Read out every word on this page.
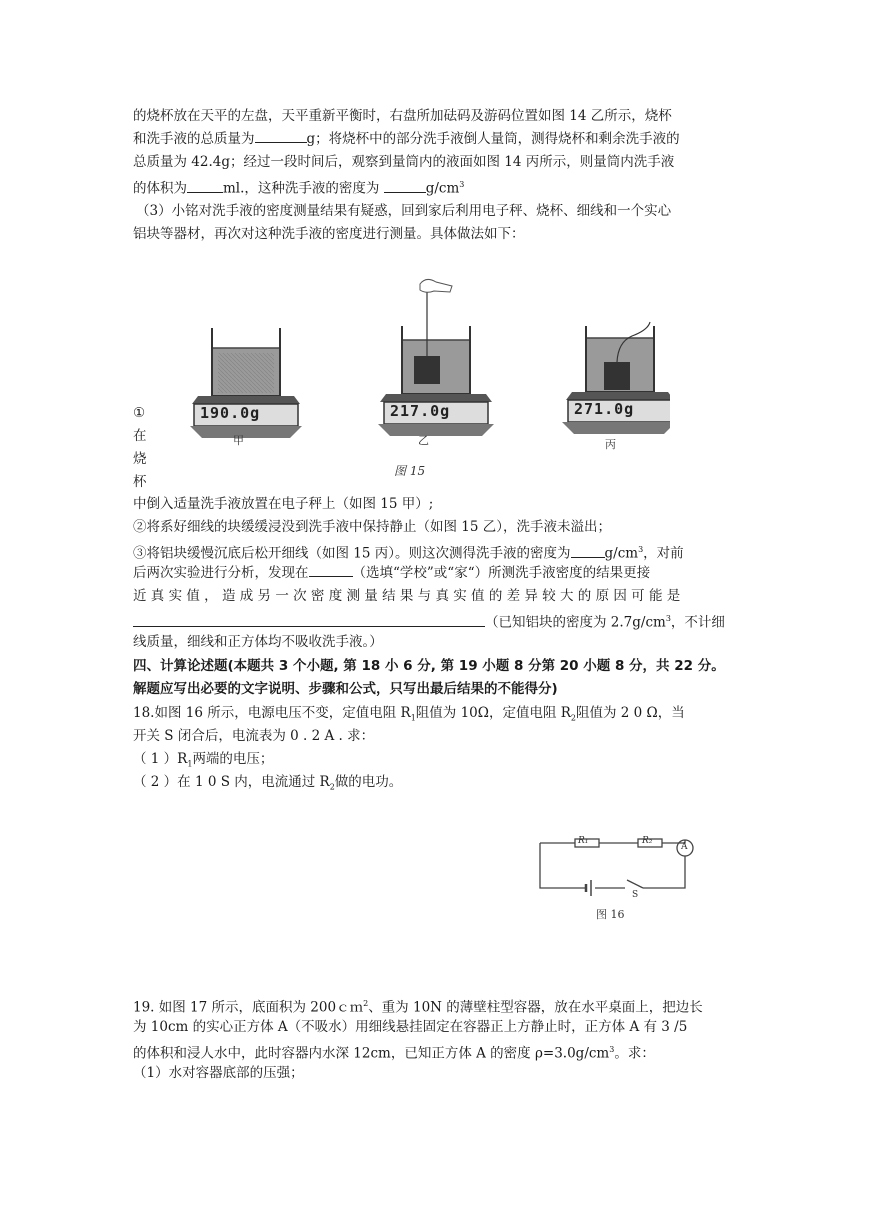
的烧杯放在天平的左盘，天平重新平衡时，右盘所加砝码及游码位置如图 14 乙所示，烧杯
和洗手液的总质量为	g；将烧杯中的部分洗手液倒人量筒，测得烧杯和剩余洗手液的
总质量为 42.4g；经过一段时间后，观察到量筒内的液面如图 14 丙所示，则量筒内洗手液
的体积为	ml.，这种洗手液的密度为	$g/cm^3$
（3）小铭对洗手液的密度测量结果有疑惑，回到家后利用电子秤、烧杯、细线和一个实心
铝块等器材，再次对这种洗手液的密度进行测量。具体做法如下：
190.0g	217.0g	271.0g
甲	乙	丙
图 15
①
在
烧
杯
中倒入适量洗手液放置在电子秤上（如图 15 甲）;
②将系好细线的块缓缓浸没到洗手液中保持静止（如图 15 乙），洗手液未溢出；
③将铝块缓慢沉底后松开细线（如图 15 丙）。则这次测得洗手液的密度为	$g/cm^3$，对前
后两次实验进行分析，发现在	（选填“学校”或“家“）所测洗手液密度的结果更接
近 真 实 值 ， 造 成 另 一 次 密 度 测 量 结 果 与 真 实 值 的 差 异 较 大 的 原 因 可 能 是
（已知铝块的密度为 $2.7g/cm^3$，不计细
线质量，细线和正方体均不吸收洗手液。）
四、计算论述题(本题共 3 个小题, 第 18 小 6 分, 第 19 小题 8 分第 20 小题 8 分，共 22 分。
解题应写出必要的文字说明、步骤和公式，只写出最后结果的不能得分)
18.如图 16 所示，电源电压不变，定值电阻 $R_1$阻值为 10Ω，定值电阻 $R_2$阻值为 2 0 Ω，当
开关 S 闭合后，电流表为 0 . 2 A . 求：
（ 1 ）$R_1$两端的电压；
（ 2 ）在 1 0 S 内，电流通过 $R_2$做的电功。
R₁	R₂
A
S
图 16
19. 如图 17 所示，底面积为 200ｃｍ$^2$、重为 10N 的薄壁柱型容器，放在水平桌面上，把边长
为 10cm 的实心正方体 A（不吸水）用细线悬挂固定在容器正上方静止时，正方体 A 有 3 /5
的体积和浸人水中，此时容器内水深 12cm，已知正方体 A 的密度 $\rho=3.0g/cm^3$。求：
（1）水对容器底部的压强；
